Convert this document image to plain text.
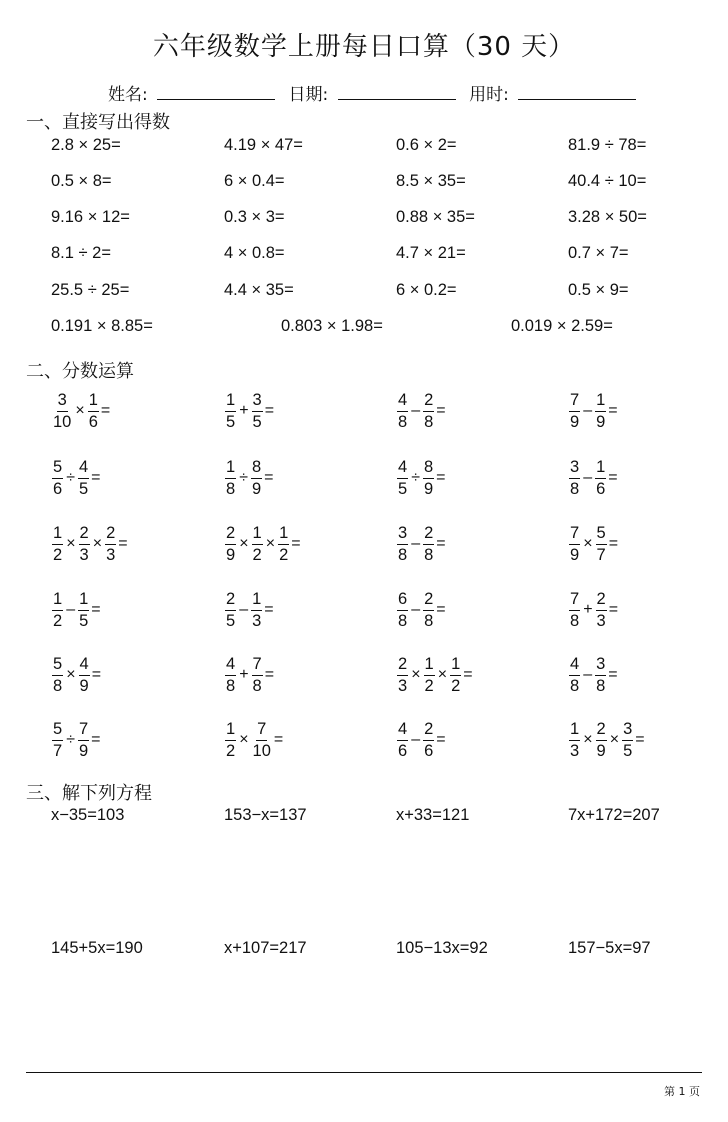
六年级数学上册每日口算（30 天）
姓名:	日期:	用时:
一、直接写出得数
2.8 × 25=	4.19 × 47=	0.6 × 2=	81.9 ÷ 78=
0.5 × 8=	6 × 0.4=	8.5 × 35=	40.4 ÷ 10=
9.16 × 12=	0.3 × 3=	0.88 × 35=	3.28 × 50=
8.1 ÷ 2=	4 × 0.8=	4.7 × 21=	0.7 × 7=
25.5 ÷ 25=	4.4 × 35=	6 × 0.2=	0.5 × 9=
0.191 × 8.85=	0.803 × 1.98=	0.019 × 2.59=
二、分数运算
$\frac{3}{10} \times \frac{1}{6}$ =	$\frac{1}{5} + \frac{3}{5}$ =	$\frac{4}{8} - \frac{2}{8}$ =	$\frac{7}{9} - \frac{1}{9}$ =
$\frac{5}{6} \div \frac{4}{5}$ =	$\frac{1}{8} \div \frac{8}{9}$ =	$\frac{4}{5} \div \frac{8}{9}$ =	$\frac{3}{8} - \frac{1}{6}$ =
$\frac{1}{2} \times \frac{2}{3} \times \frac{2}{3}$ =	$\frac{2}{9} \times \frac{1}{2} \times \frac{1}{2}$ =	$\frac{3}{8} - \frac{2}{8}$ =	$\frac{7}{9} \times \frac{5}{7}$ =
$\frac{1}{2} - \frac{1}{5}$ =	$\frac{2}{5} - \frac{1}{3}$ =	$\frac{6}{8} - \frac{2}{8}$ =	$\frac{7}{8} + \frac{2}{3}$ =
$\frac{5}{8} \times \frac{4}{9}$ =	$\frac{4}{8} + \frac{7}{8}$ =	$\frac{2}{3} \times \frac{1}{2} \times \frac{1}{2}$ =	$\frac{4}{8} - \frac{3}{8}$ =
$\frac{5}{7} \div \frac{7}{9}$ =	$\frac{1}{2} \times \frac{7}{10}$ =	$\frac{4}{6} - \frac{2}{6}$ =	$\frac{1}{3} \times \frac{2}{9} \times \frac{3}{5}$ =
三、解下列方程
x−35=103	153−x=137	x+33=121	7x+172=207
145+5x=190	x+107=217	105−13x=92	157−5x=97
第 1 页
